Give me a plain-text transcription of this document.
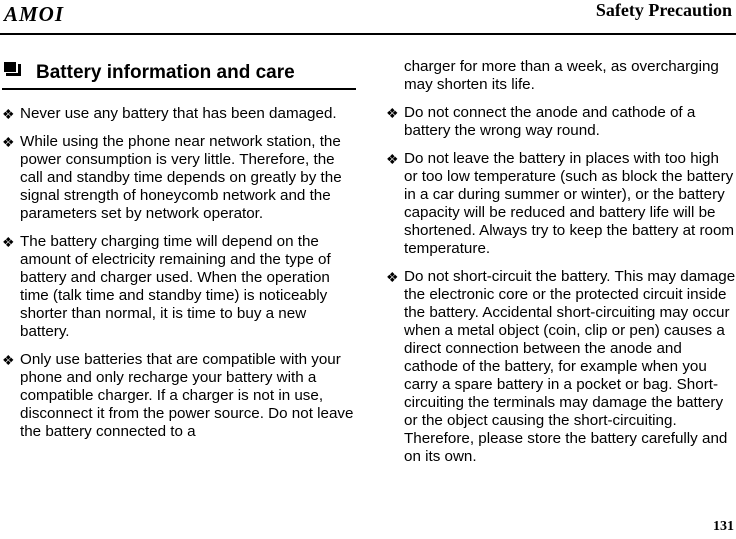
AMOI	Safety Precaution
Battery information and care
❖ Never use any battery that has been damaged.
❖ While using the phone near network station, the power consumption is very little. Therefore, the call and standby time depends on greatly by the signal strength of honeycomb network and the parameters set by network operator.
❖ The battery charging time will depend on the amount of electricity remaining and the type of battery and charger used. When the operation time (talk time and standby time) is noticeably shorter than normal, it is time to buy a new battery.
❖ Only use batteries that are compatible with your phone and only recharge your battery with a compatible charger. If a charger is not in use, disconnect it from the power source. Do not leave the battery connected to a
charger for more than a week, as overcharging may shorten its life.
❖ Do not connect the anode and cathode of a battery the wrong way round.
❖ Do not leave the battery in places with too high or too low temperature (such as block the battery in a car during summer or winter), or the battery capacity will be reduced and battery life will be shortened. Always try to keep the battery at room temperature.
❖ Do not short-circuit the battery. This may damage the electronic core or the protected circuit inside the battery. Accidental short-circuiting may occur when a metal object (coin, clip or pen) causes a direct connection between the anode and cathode of the battery, for example when you carry a spare battery in a pocket or bag. Short-circuiting the terminals may damage the battery or the object causing the short-circuiting. Therefore, please store the battery carefully and on its own.
131
